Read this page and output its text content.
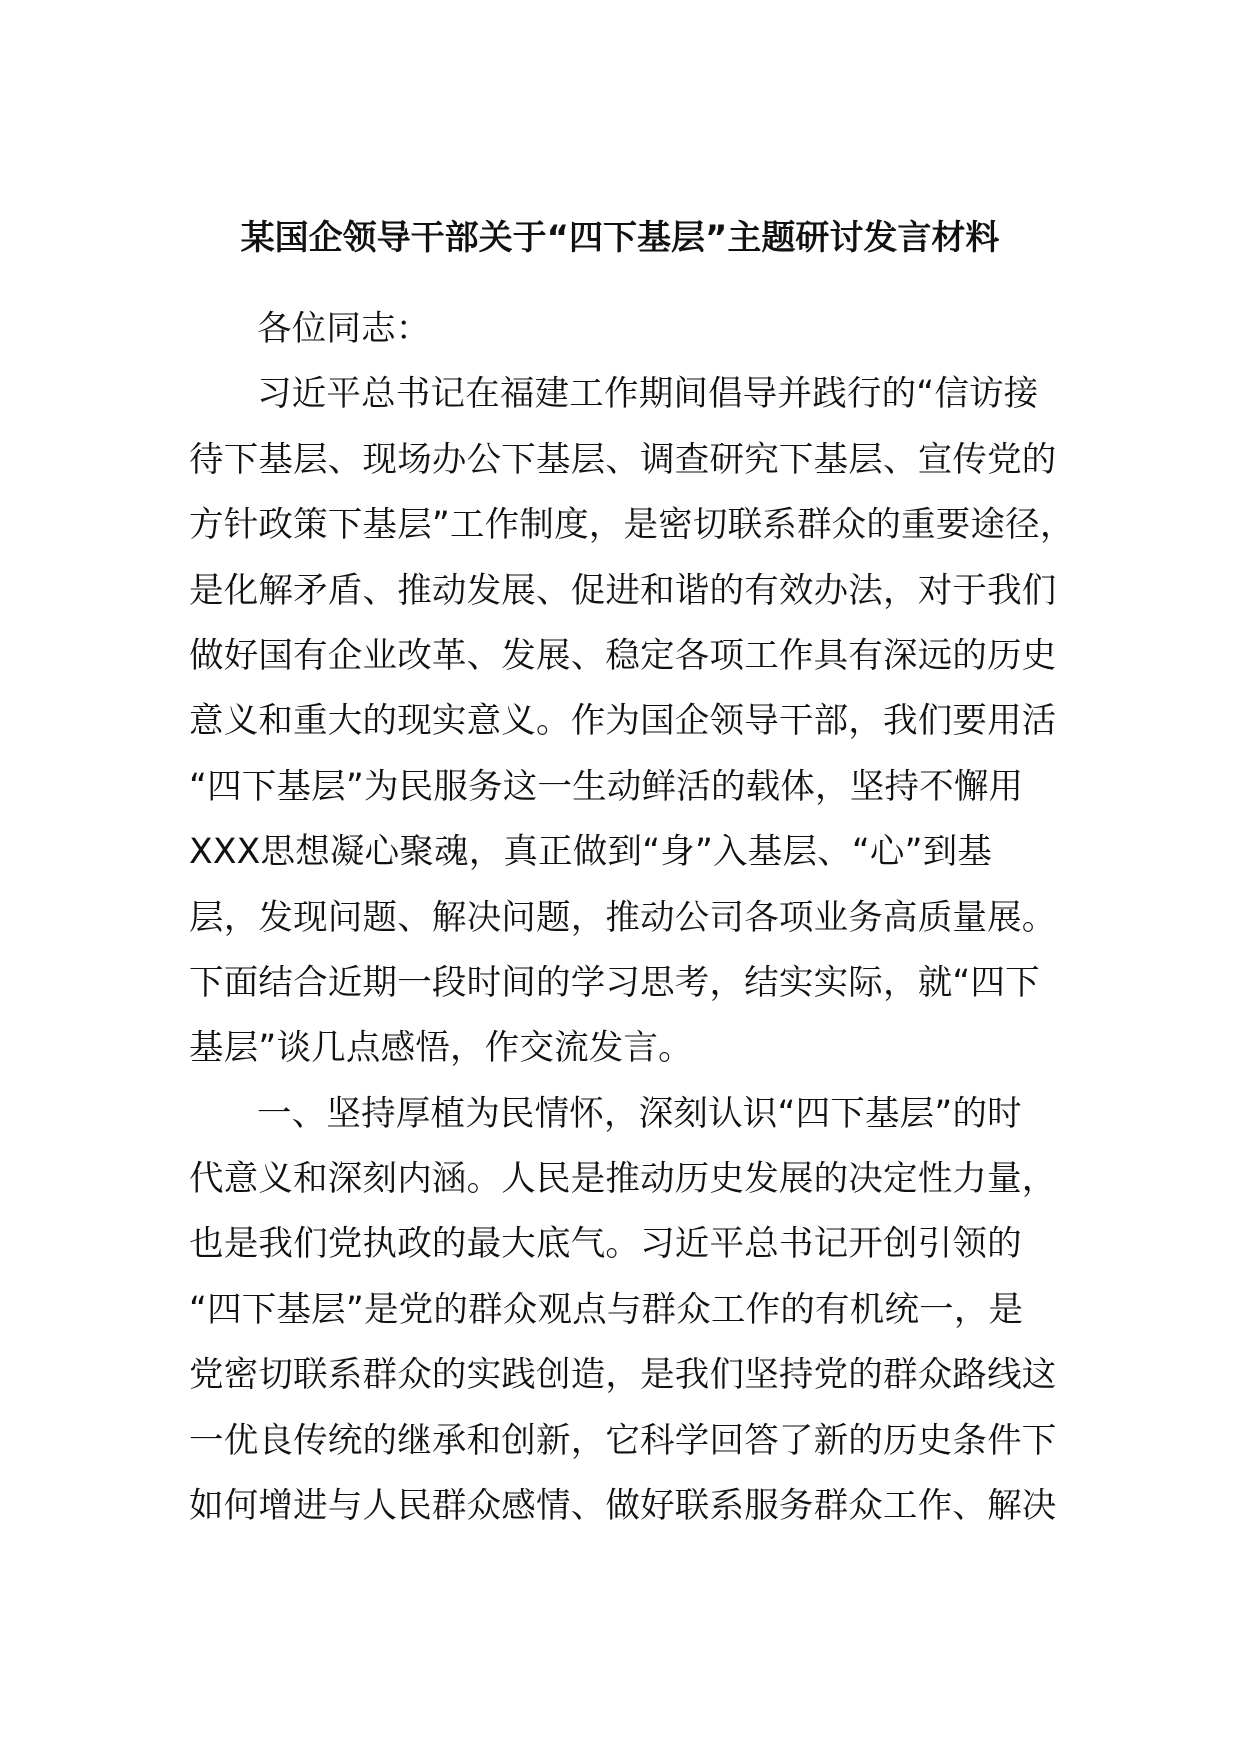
某国企领导干部关于“四下基层”主题研讨发言材料
各位同志：
习近平总书记在福建工作期间倡导并践行的“信访接
待下基层、现场办公下基层、调查研究下基层、宣传党的
方针政策下基层”工作制度，是密切联系群众的重要途径，
是化解矛盾、推动发展、促进和谐的有效办法，对于我们
做好国有企业改革、发展、稳定各项工作具有深远的历史
意义和重大的现实意义。作为国企领导干部，我们要用活
“四下基层”为民服务这一生动鲜活的载体，坚持不懈用
XXX思想凝心聚魂，真正做到“身”入基层、“心”到基
层，发现问题、解决问题，推动公司各项业务高质量展。
下面结合近期一段时间的学习思考，结实实际，就“四下
基层”谈几点感悟，作交流发言。
一、坚持厚植为民情怀，深刻认识“四下基层”的时
代意义和深刻内涵。人民是推动历史发展的决定性力量，
也是我们党执政的最大底气。习近平总书记开创引领的
“四下基层”是党的群众观点与群众工作的有机统一，是
党密切联系群众的实践创造，是我们坚持党的群众路线这
一优良传统的继承和创新，它科学回答了新的历史条件下
如何增进与人民群众感情、做好联系服务群众工作、解决
